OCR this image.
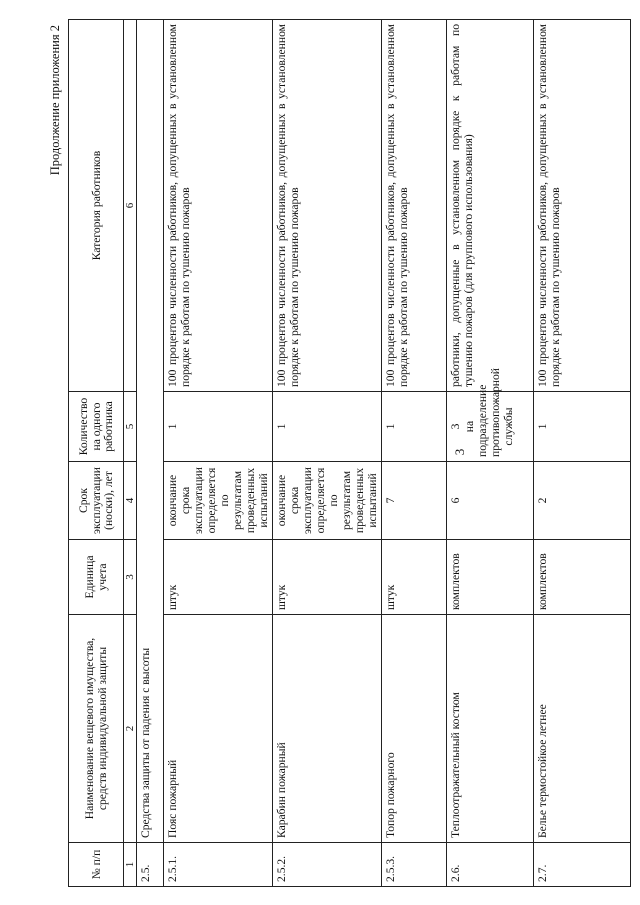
3
Продолжение приложения 2
№ п/п	Наименование вещевого имущества, средств индивидуальной защиты	Единица учета	Срок эксплуатации (носки), лет	Количество на одного работника	Категория работников
1	2	3	4	5	6
2.5.	Средства защиты от падения с высоты				
2.5.1.	Пояс пожарный	штук	окончание срока эксплуатации определяется по результатам проведенных испытаний	1	100 процентов численности работников, допущенных в установленном порядке к работам по тушению пожаров
2.5.2.	Карабин пожарный	штук	окончание срока эксплуатации определяется по результатам проведенных испытаний	1	100 процентов численности работников, допущенных в установленном порядке к работам по тушению пожаров
2.5.3.	Топор пожарного	штук	7	1	100 процентов численности работников, допущенных в установленном порядке к работам по тушению пожаров
2.6.	Теплоотражательный костюм	комплектов	6	3 на подразделение противопожарной службы	работники, допущенные в установленном порядке к работам по тушению пожаров (для группового использования)
2.7.	Белье термостойкое летнее	комплектов	2	1	100 процентов численности работников, допущенных в установленном порядке к работам по тушению пожаров
